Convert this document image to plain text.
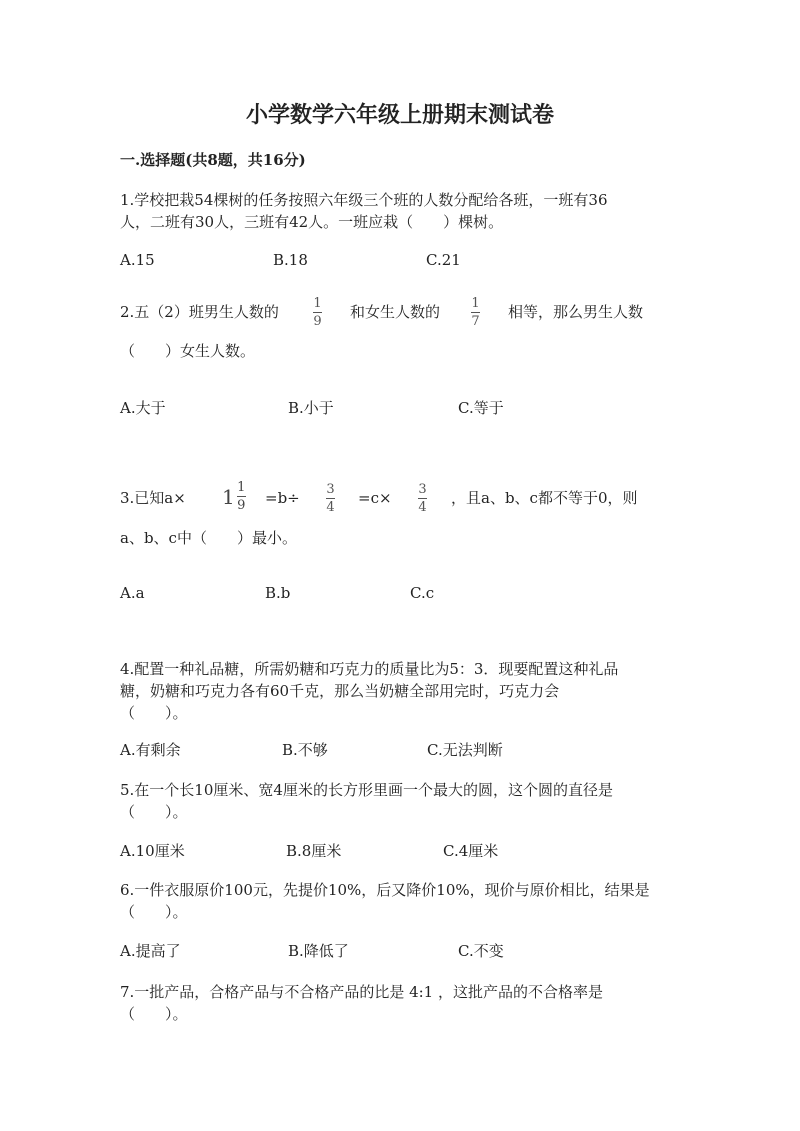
小学数学六年级上册期末测试卷
一.选择题(共8题，共16分)
1.学校把栽54棵树的任务按照六年级三个班的人数分配给各班，一班有36
人，二班有30人，三班有42人。一班应栽（　　）棵树。
A.15	B.18	C.21
2.五（2）班男生人数的	1
9
和女生人数的 1
7
相等，那么男生人数
（　　）女生人数。
A.大于	B.小于	C.等于
3.已知$a\times 1 \frac{1}{9} =b\div 3$
4
=c× 3
4
，且a、b、c都不等于0，则
a、b、c中（　　）最小。
A.a	B.b	C.c
4.配置一种礼品糖，所需奶糖和巧克力的质量比为5：3．现要配置这种礼品
糖，奶糖和巧克力各有60千克，那么当奶糖全部用完时，巧克力会
（　　）。
A.有剩余	B.不够	C.无法判断
5.在一个长10厘米、宽4厘米的长方形里画一个最大的圆，这个圆的直径是
（　　）。
A.10厘米	B.8厘米	C.4厘米
6.一件衣服原价100元，先提价10%，后又降价10%，现价与原价相比，结果是
（　　）。
A.提高了	B.降低了	C.不变
7.一批产品，合格产品与不合格产品的比是 4:1 ，这批产品的不合格率是
（　　）。
